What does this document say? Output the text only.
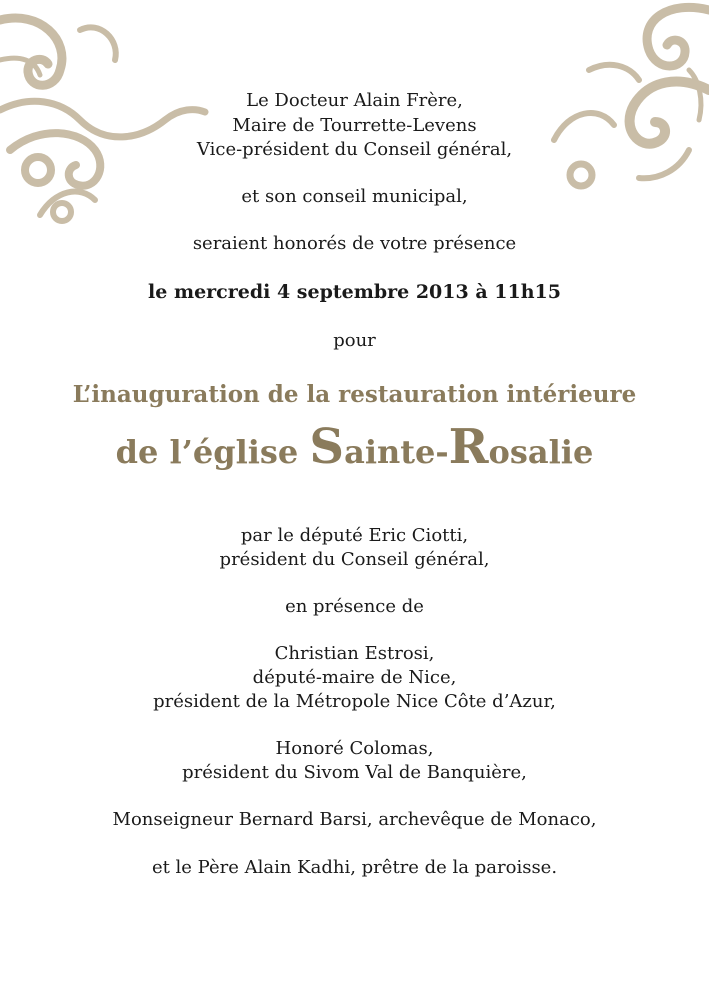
Le Docteur Alain Frère,
Maire de Tourrette-Levens
Vice-président du Conseil général,
et son conseil municipal,
seraient honorés de votre présence
le mercredi 4 septembre 2013 à 11h15
pour
L’inauguration de la restauration intérieure
de l’église Sainte-Rosalie
par le député Eric Ciotti,
président du Conseil général,
en présence de
Christian Estrosi,
député-maire de Nice,
président de la Métropole Nice Côte d’Azur,
Honoré Colomas,
président du Sivom Val de Banquière,
Monseigneur Bernard Barsi, archevêque de Monaco,
et le Père Alain Kadhi, prêtre de la paroisse.
